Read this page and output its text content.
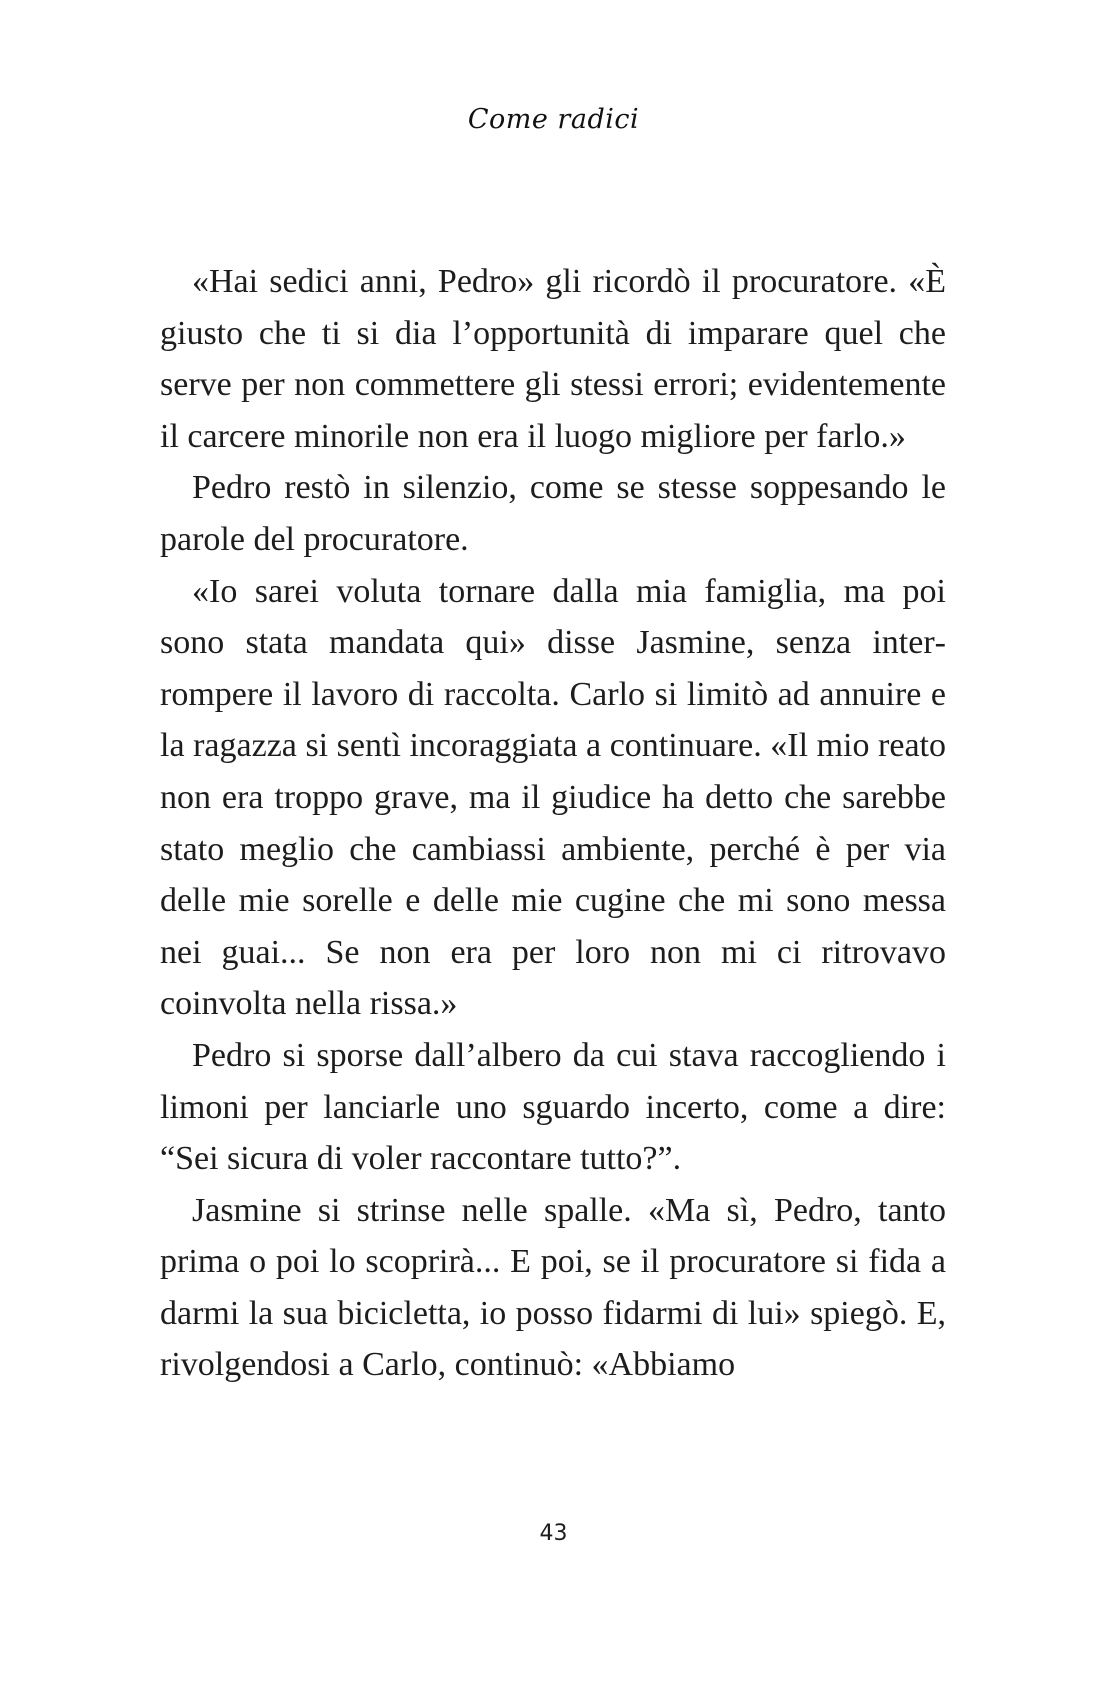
Come radici

«Hai sedici anni, Pedro» gli ricordò il procuratore. «È giusto che ti si dia l’opportunità di imparare quel che serve per non commettere gli stessi errori; evidentemente il carcere minorile non era il luogo migliore per farlo.»

Pedro restò in silenzio, come se stesse soppesando le parole del procuratore.

«Io sarei voluta tornare dalla mia famiglia, ma poi sono stata mandata qui» disse Jasmine, senza interrompere il lavoro di raccolta. Carlo si limitò ad annuire e la ragazza si sentì incoraggiata a continuare. «Il mio reato non era troppo grave, ma il giudice ha detto che sarebbe stato meglio che cambiassi ambiente, perché è per via delle mie sorelle e delle mie cugine che mi sono messa nei guai... Se non era per loro non mi ci ritrovavo coinvolta nella rissa.»

Pedro si sporse dall’albero da cui stava raccogliendo i limoni per lanciarle uno sguardo incerto, come a dire: “Sei sicura di voler raccontare tutto?”.

Jasmine si strinse nelle spalle. «Ma sì, Pedro, tanto prima o poi lo scoprirà... E poi, se il procuratore si fida a darmi la sua bicicletta, io posso fidarmi di lui» spiegò. E, rivolgendosi a Carlo, continuò: «Abbiamo

43
